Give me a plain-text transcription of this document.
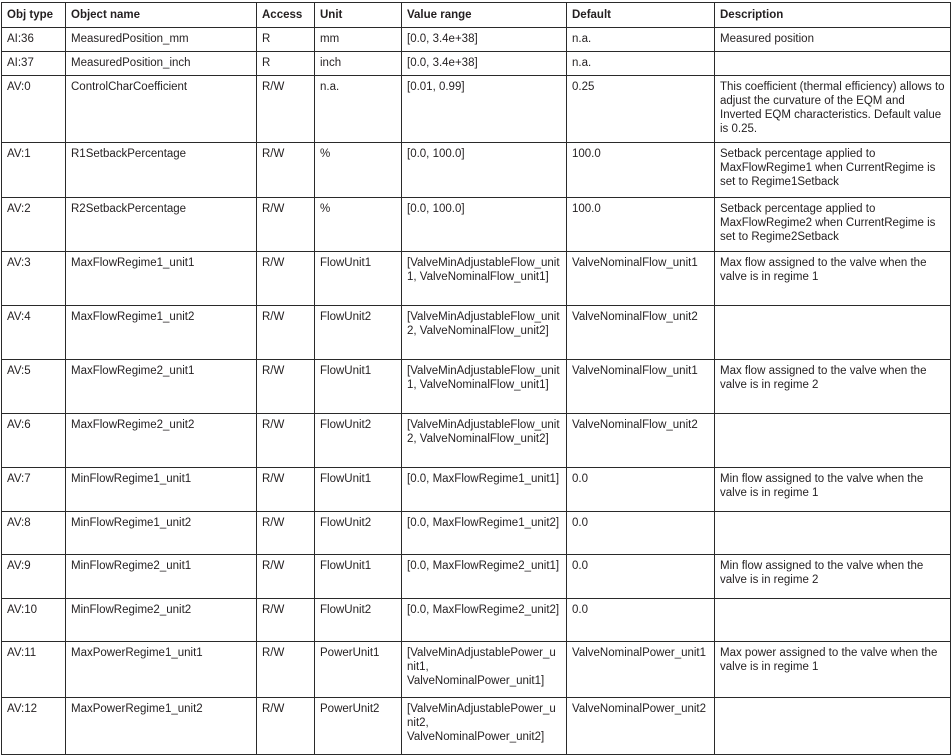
Obj type	Object name	Access	Unit	Value range	Default	Description
AI:36	MeasuredPosition_mm	R	mm	[0.0, 3.4e+38]	n.a.	Measured position
AI:37	MeasuredPosition_inch	R	inch	[0.0, 3.4e+38]	n.a.	
AV:0	ControlCharCoefficient	R/W	n.a.	[0.01, 0.99]	0.25	This coefficient (thermal efficiency) allows to adjust the curvature of the EQM and Inverted EQM characteristics. Default value is 0.25.
AV:1	R1SetbackPercentage	R/W	%	[0.0, 100.0]	100.0	Setback percentage applied to MaxFlowRegime1 when CurrentRegime is set to Regime1Setback
AV:2	R2SetbackPercentage	R/W	%	[0.0, 100.0]	100.0	Setback percentage applied to MaxFlowRegime2 when CurrentRegime is set to Regime2Setback
AV:3	MaxFlowRegime1_unit1	R/W	FlowUnit1	[ValveMinAdjustableFlow_unit1, ValveNominalFlow_unit1]	ValveNominalFlow_unit1	Max flow assigned to the valve when the valve is in regime 1
AV:4	MaxFlowRegime1_unit2	R/W	FlowUnit2	[ValveMinAdjustableFlow_unit2, ValveNominalFlow_unit2]	ValveNominalFlow_unit2	
AV:5	MaxFlowRegime2_unit1	R/W	FlowUnit1	[ValveMinAdjustableFlow_unit1, ValveNominalFlow_unit1]	ValveNominalFlow_unit1	Max flow assigned to the valve when the valve is in regime 2
AV:6	MaxFlowRegime2_unit2	R/W	FlowUnit2	[ValveMinAdjustableFlow_unit2, ValveNominalFlow_unit2]	ValveNominalFlow_unit2	
AV:7	MinFlowRegime1_unit1	R/W	FlowUnit1	[0.0, MaxFlowRegime1_unit1]	0.0	Min flow assigned to the valve when the valve is in regime 1
AV:8	MinFlowRegime1_unit2	R/W	FlowUnit2	[0.0, MaxFlowRegime1_unit2]	0.0	
AV:9	MinFlowRegime2_unit1	R/W	FlowUnit1	[0.0, MaxFlowRegime2_unit1]	0.0	Min flow assigned to the valve when the valve is in regime 2
AV:10	MinFlowRegime2_unit2	R/W	FlowUnit2	[0.0, MaxFlowRegime2_unit2]	0.0	
AV:11	MaxPowerRegime1_unit1	R/W	PowerUnit1	[ValveMinAdjustablePower_unit1, ValveNominalPower_unit1]	ValveNominalPower_unit1	Max power assigned to the valve when the valve is in regime 1
AV:12	MaxPowerRegime1_unit2	R/W	PowerUnit2	[ValveMinAdjustablePower_unit2, ValveNominalPower_unit2]	ValveNominalPower_unit2	
